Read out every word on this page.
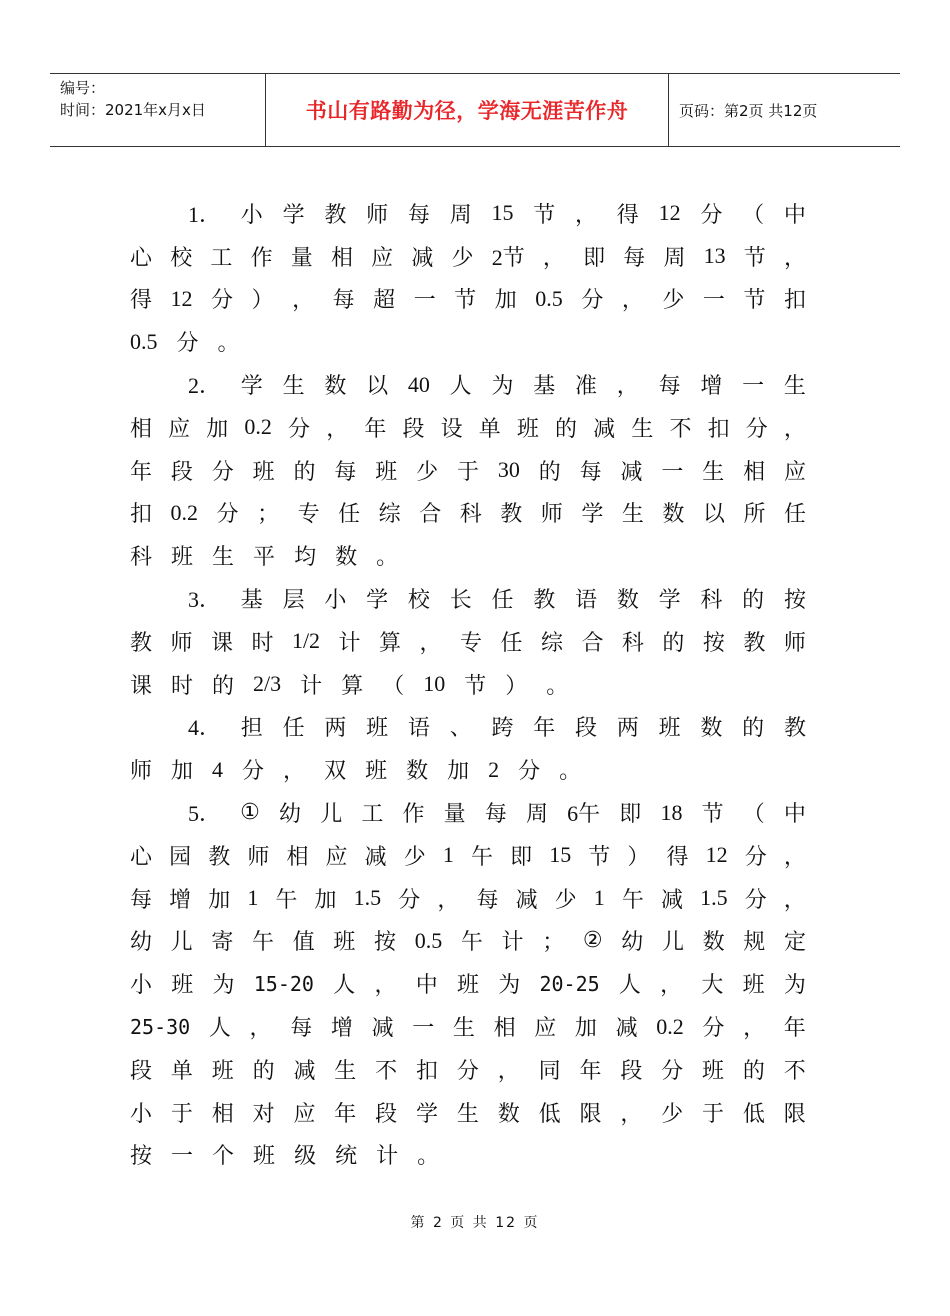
编号：
时间：2021年x月x日	书山有路勤为径，学海无涯苦作舟	页码：第2页 共12页
1． 小 学 教 师 每 周 15 节 ， 得 12 分 （ 中
心 校 工 作 量 相 应 减 少 2节 ， 即 每 周 13 节 ，
得 12 分 ） ， 每 超 一 节 加 0.5 分 ， 少 一 节 扣
0.5 分 。
2． 学 生 数 以 40 人 为 基 准 ， 每 增 一 生
相 应 加 0.2 分 ， 年 段 设 单 班 的 减 生 不 扣 分 ，
年 段 分 班 的 每 班 少 于 30 的 每 减 一 生 相 应
扣 0.2 分 ； 专 任 综 合 科 教 师 学 生 数 以 所 任
科 班 生 平 均 数 。
3． 基 层 小 学 校 长 任 教 语 数 学 科 的 按
教 师 课 时 1/2 计 算 ， 专 任 综 合 科 的 按 教 师
课 时 的 2/3 计 算 （ 10 节 ） 。
4． 担 任 两 班 语 、 跨 年 段 两 班 数 的 教
师 加 4 分 ， 双 班 数 加 2 分 。
5． ① 幼 儿 工 作 量 每 周 6午 即 18 节 （ 中
心 园 教 师 相 应 减 少 1 午 即 15 节 ） 得 12 分 ，
每 增 加 1 午 加 1.5 分 ， 每 减 少 1 午 减 1.5 分 ，
幼 儿 寄 午 值 班 按 0.5 午 计 ； ② 幼 儿 数 规 定
小 班 为 15-20 人 ， 中 班 为 20-25 人 ， 大 班 为
25-30 人 ， 每 增 减 一 生 相 应 加 减 0.2 分 ， 年
段 单 班 的 减 生 不 扣 分 ， 同 年 段 分 班 的 不
小 于 相 对 应 年 段 学 生 数 低 限 ， 少 于 低 限
按 一 个 班 级 统 计 。
第 2 页 共 12 页
